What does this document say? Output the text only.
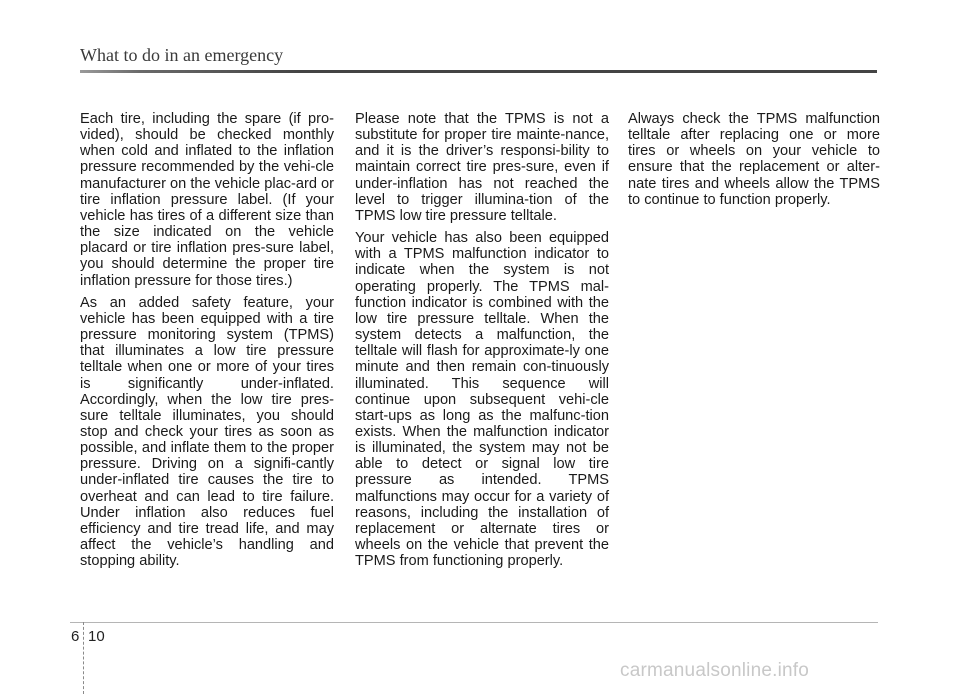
What to do in an emergency

Each tire, including the spare (if pro-vided), should be checked monthly when cold and inflated to the inflation pressure recommended by the vehi-cle manufacturer on the vehicle plac-ard or tire inflation pressure label. (If your vehicle has tires of a different size than the size indicated on the vehicle placard or tire inflation pres-sure label, you should determine the proper tire inflation pressure for those tires.)

As an added safety feature, your vehicle has been equipped with a tire pressure monitoring system (TPMS) that illuminates a low tire pressure telltale when one or more of your tires is significantly under-inflated. Accordingly, when the low tire pres-sure telltale illuminates, you should stop and check your tires as soon as possible, and inflate them to the proper pressure. Driving on a signifi-cantly under-inflated tire causes the tire to overheat and can lead to tire failure. Under inflation also reduces fuel efficiency and tire tread life, and may affect the vehicle’s handling and stopping ability.

Please note that the TPMS is not a substitute for proper tire mainte-nance, and it is the driver’s responsi-bility to maintain correct tire pres-sure, even if under-inflation has not reached the level to trigger illumina-tion of the TPMS low tire pressure telltale.

Your vehicle has also been equipped with a TPMS malfunction indicator to indicate when the system is not operating properly. The TPMS mal-function indicator is combined with the low tire pressure telltale. When the system detects a malfunction, the telltale will flash for approximate-ly one minute and then remain con-tinuously illuminated. This sequence will continue upon subsequent vehi-cle start-ups as long as the malfunc-tion exists. When the malfunction indicator is illuminated, the system may not be able to detect or signal low tire pressure as intended. TPMS malfunctions may occur for a variety of reasons, including the installation of replacement or alternate tires or wheels on the vehicle that prevent the TPMS from functioning properly.

Always check the TPMS malfunction telltale after replacing one or more tires or wheels on your vehicle to ensure that the replacement or alter-nate tires and wheels allow the TPMS to continue to function properly.

6 10
carmanualsonline.info
